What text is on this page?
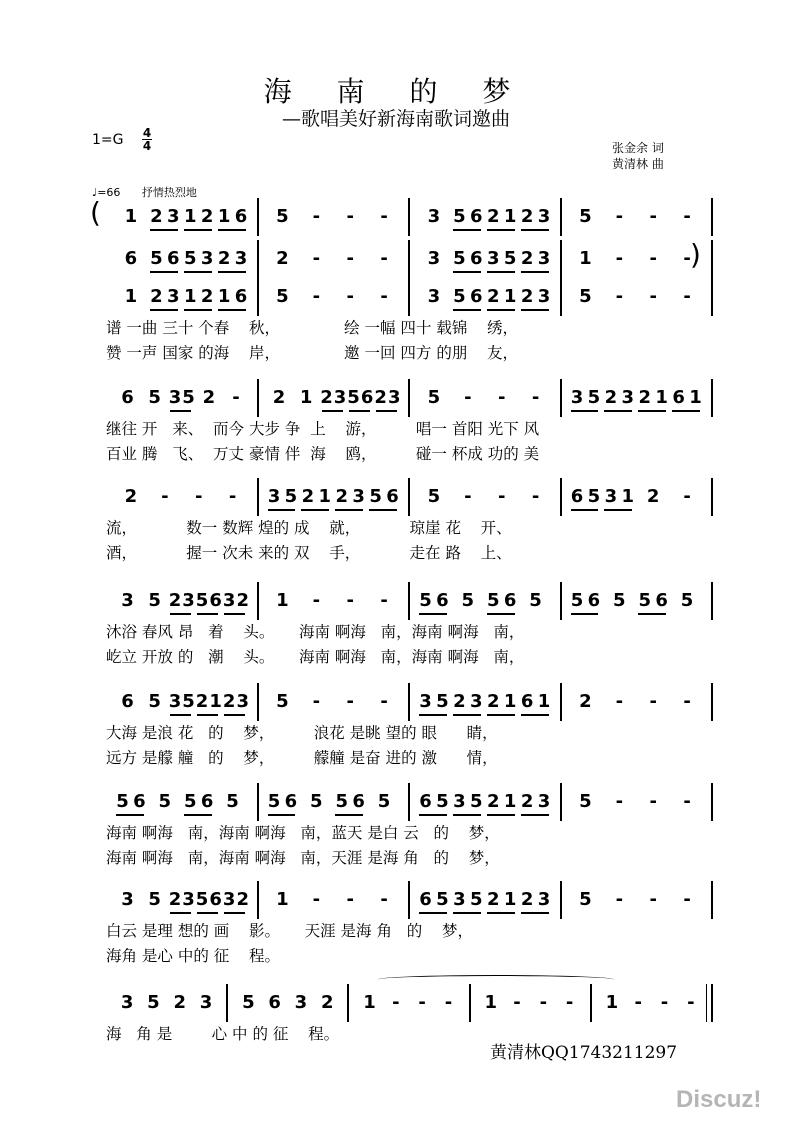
海 南 的 梦
—歌唱美好新海南歌词邀曲
1=G 4
4	张金余 词
黄清林 曲
♩=66 抒情热烈地
1 2 3 1 2 1 6 5 - - - 3 5 6 2 1 2 3 5 - - -
6 5 6 5 3 2 3 2 - - - 3 5 6 3 5 2 3 1 - - -
1 2 3 1 2 1 6 5 - - - 3 5 6 2 1 2 3 5 - - -
谱 一曲 三十 个春    秋，             绘 一幅 四十 载锦    绣，
赞 一声 国家 的海    岸，             邀 一回 四方 的朋    友，
6 5 3 5 2 - 2 1 2 3 5 6 2 3 5 - - - 3 5 2 3 2 1 6 1
继往 开   来、  而今 大步 争  上    游，        唱一 首阳 光下 风
百业 腾   飞、  万丈 豪情 伴  海    鸥，        碰一 杯成 功的 美
2 - - - 3 5 2 1 2 3 5 6 5 - - - 6 5 3 1 2 -
流，          数一 数辉 煌的 成    就，          琼崖 花    开、
酒，          握一 次未 来的 双    手，          走在 路    上、
3 5 2 3 5 6 3 2 1 - - - 5 6 5 5 6 5 5 6 5 5 6 5
沐浴 春风 昂   着    头。     海南 啊海   南，海南 啊海   南，
屹立 开放 的   潮    头。     海南 啊海   南，海南 啊海   南，
6 5 3 5 2 1 2 3 5 - - - 3 5 2 3 2 1 6 1 2 - - -
大海 是浪 花   的    梦，        浪花 是眺 望的 眼      睛，
远方 是艨 艟   的    梦，        艨艟 是奋 进的 激      情，
5 6 5 5 6 5 5 6 5 5 6 5 6 5 3 5 2 1 2 3 5 - - -
海南 啊海   南，海南 啊海   南，蓝天 是白 云   的    梦，
海南 啊海   南，海南 啊海   南，天涯 是海 角   的    梦，
3 5 2 3 5 6 3 2 1 - - - 6 5 3 5 2 1 2 3 5 - - -
白云 是理 想的 画    影。     天涯 是海 角   的    梦，
海角 是心 中的 征    程。
3 5 2 3 5 6 3 2 1 - - - 1 - - - 1 - - -
海   角 是        心 中 的 征    程。
(
)
黄清林QQ1743211297
Discuz!
